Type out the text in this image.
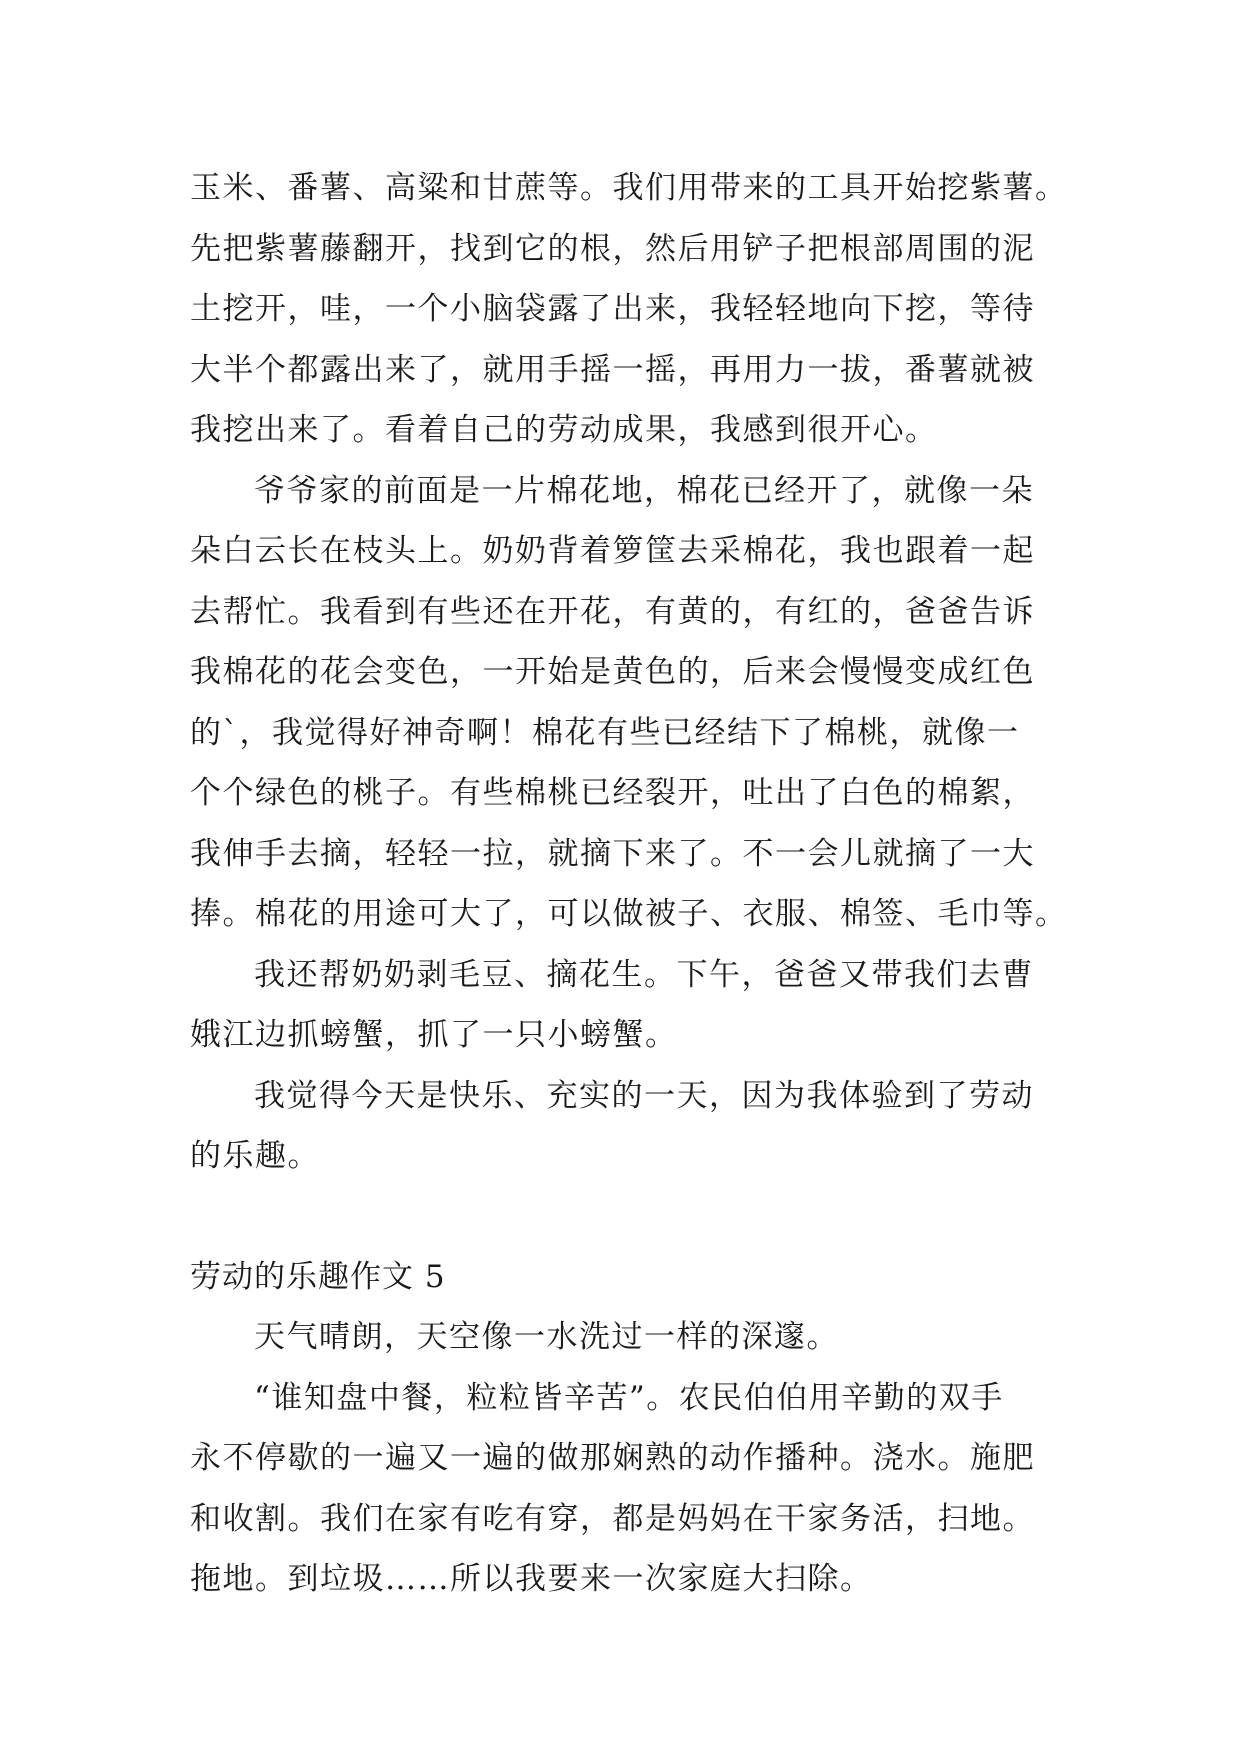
玉米、番薯、高粱和甘蔗等。我们用带来的工具开始挖紫薯。
先把紫薯藤翻开，找到它的根，然后用铲子把根部周围的泥
土挖开，哇，一个小脑袋露了出来，我轻轻地向下挖，等待
大半个都露出来了，就用手摇一摇，再用力一拔，番薯就被
我挖出来了。看着自己的劳动成果，我感到很开心。
爷爷家的前面是一片棉花地，棉花已经开了，就像一朵
朵白云长在枝头上。奶奶背着箩筐去采棉花，我也跟着一起
去帮忙。我看到有些还在开花，有黄的，有红的，爸爸告诉
我棉花的花会变色，一开始是黄色的，后来会慢慢变成红色
的`，我觉得好神奇啊！棉花有些已经结下了棉桃，就像一
个个绿色的桃子。有些棉桃已经裂开，吐出了白色的棉絮，
我伸手去摘，轻轻一拉，就摘下来了。不一会儿就摘了一大
捧。棉花的用途可大了，可以做被子、衣服、棉签、毛巾等。
我还帮奶奶剥毛豆、摘花生。下午，爸爸又带我们去曹
娥江边抓螃蟹，抓了一只小螃蟹。
我觉得今天是快乐、充实的一天，因为我体验到了劳动
的乐趣。
劳动的乐趣作文 5
天气晴朗，天空像一水洗过一样的深邃。
“谁知盘中餐，粒粒皆辛苦”。农民伯伯用辛勤的双手
永不停歇的一遍又一遍的做那娴熟的动作播种。浇水。施肥
和收割。我们在家有吃有穿，都是妈妈在干家务活，扫地。
拖地。到垃圾……所以我要来一次家庭大扫除。
